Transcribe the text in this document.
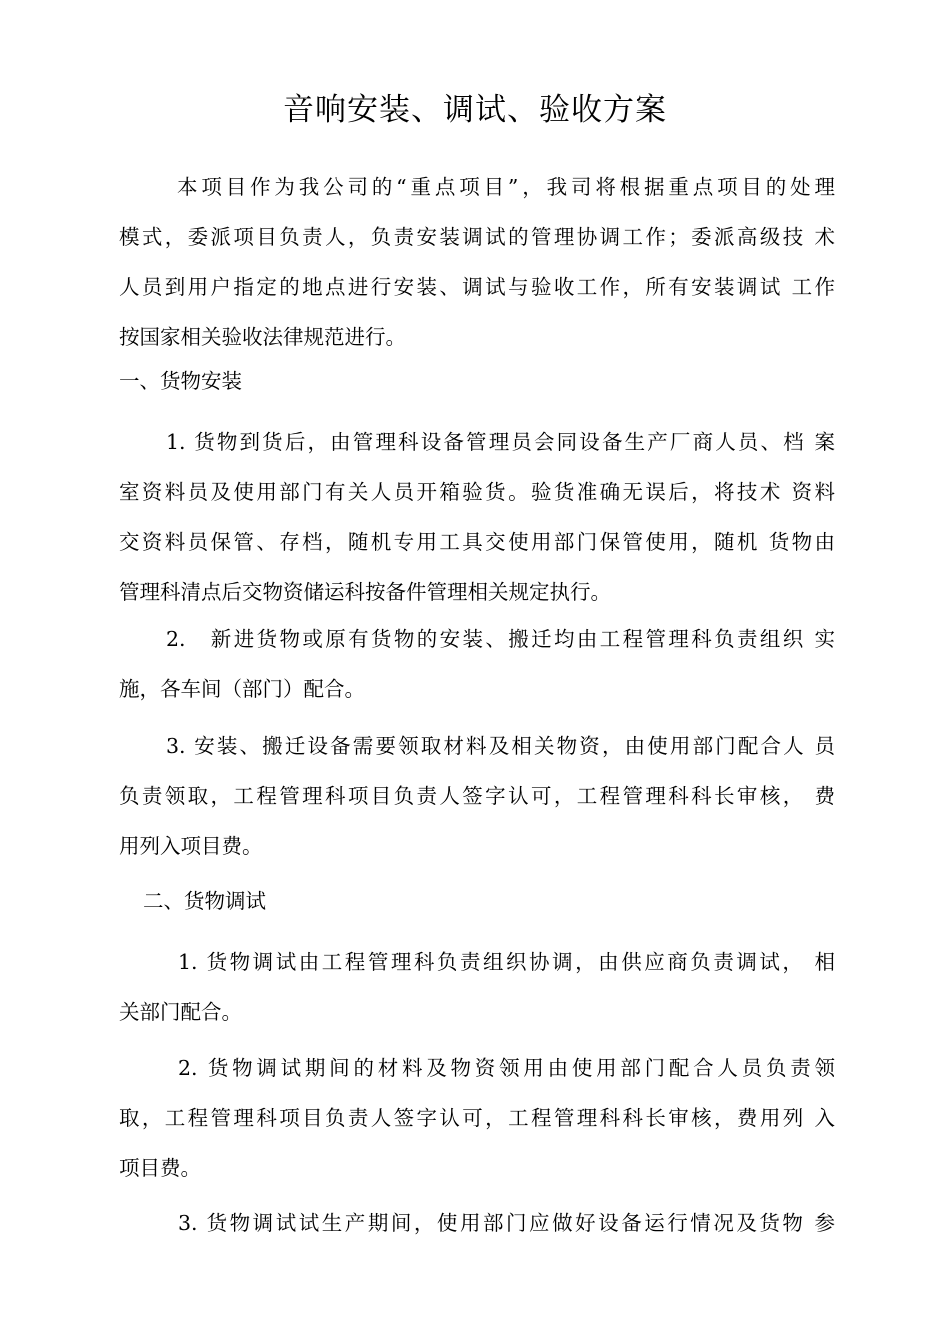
音响安装、调试、验收方案
本项目作为我公司的“重点项目”，我司将根据重点项目的处理
模式，委派项目负责人，负责安装调试的管理协调工作；委派高级技 术
人员到用户指定的地点进行安装、调试与验收工作，所有安装调试 工作
按国家相关验收法律规范进行。
一、货物安装
1. 货物到货后，由管理科设备管理员会同设备生产厂商人员、档 案
室资料员及使用部门有关人员开箱验货。验货准确无误后，将技术 资料
交资料员保管、存档，随机专用工具交使用部门保管使用，随机 货物由
管理科清点后交物资储运科按备件管理相关规定执行。
2.　新进货物或原有货物的安装、搬迁均由工程管理科负责组织 实
施，各车间（部门）配合。
3. 安装、搬迁设备需要领取材料及相关物资，由使用部门配合人 员
负责领取，工程管理科项目负责人签字认可，工程管理科科长审核， 费
用列入项目费。
二、货物调试
1. 货物调试由工程管理科负责组织协调，由供应商负责调试， 相
关部门配合。
2. 货物调试期间的材料及物资领用由使用部门配合人员负责领
取，工程管理科项目负责人签字认可，工程管理科科长审核，费用列 入
项目费。
3. 货物调试试生产期间，使用部门应做好设备运行情况及货物 参
